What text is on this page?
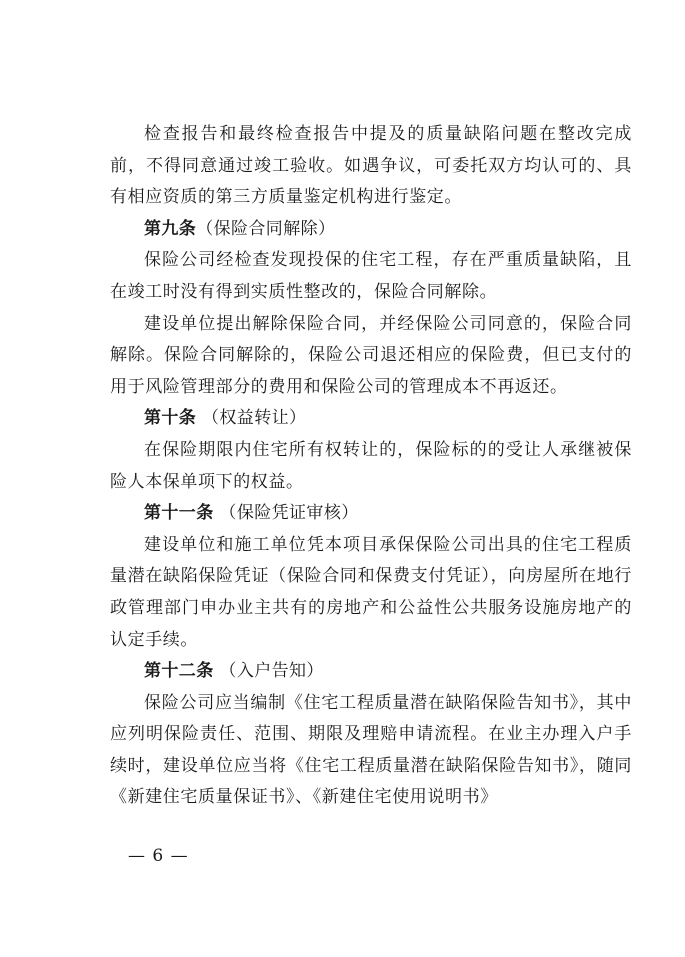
检查报告和最终检查报告中提及的质量缺陷问题在整改完成前，不得同意通过竣工验收。如遇争议，可委托双方均认可的、具有相应资质的第三方质量鉴定机构进行鉴定。

第九条（保险合同解除）

保险公司经检查发现投保的住宅工程，存在严重质量缺陷，且在竣工时没有得到实质性整改的，保险合同解除。

建设单位提出解除保险合同，并经保险公司同意的，保险合同解除。保险合同解除的，保险公司退还相应的保险费，但已支付的用于风险管理部分的费用和保险公司的管理成本不再返还。

第十条 （权益转让）

在保险期限内住宅所有权转让的，保险标的的受让人承继被保险人本保单项下的权益。

第十一条 （保险凭证审核）

建设单位和施工单位凭本项目承保保险公司出具的住宅工程质量潜在缺陷保险凭证（保险合同和保费支付凭证），向房屋所在地行政管理部门申办业主共有的房地产和公益性公共服务设施房地产的认定手续。

第十二条 （入户告知）

保险公司应当编制《住宅工程质量潜在缺陷保险告知书》，其中应列明保险责任、范围、期限及理赔申请流程。在业主办理入户手续时，建设单位应当将《住宅工程质量潜在缺陷保险告知书》，随同《新建住宅质量保证书》、《新建住宅使用说明书》

— 6 —
